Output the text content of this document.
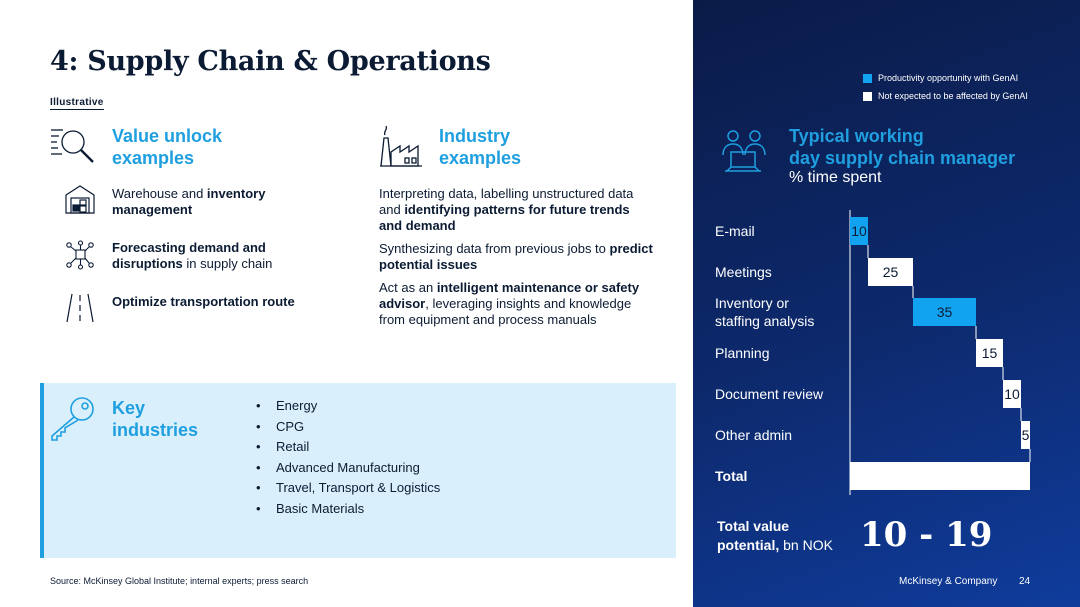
4: Supply Chain & Operations
Illustrative
Value unlock
examples
Warehouse and inventory
management
Forecasting demand and
disruptions in supply chain
Optimize transportation route
Industry
examples
Interpreting data, labelling unstructured data
and identifying patterns for future trends
and demand
Synthesizing data from previous jobs to predict
potential issues
Act as an intelligent maintenance or safety
advisor, leveraging insights and knowledge
from equipment and process manuals
Key
industries
• Energy
• CPG
• Retail
• Advanced Manufacturing
• Travel, Transport & Logistics
• Basic Materials
Source: McKinsey Global Institute; internal experts; press search
Productivity opportunity with GenAI
Not expected to be affected by GenAI
Typical working
day supply chain manager
% time spent
E-mail
Meetings
Inventory or
staffing analysis
Planning
Document review
Other admin
Total
10
25
35
15
10
5
Total value
potential, bn NOK 10 - 19
McKinsey & Company 24
